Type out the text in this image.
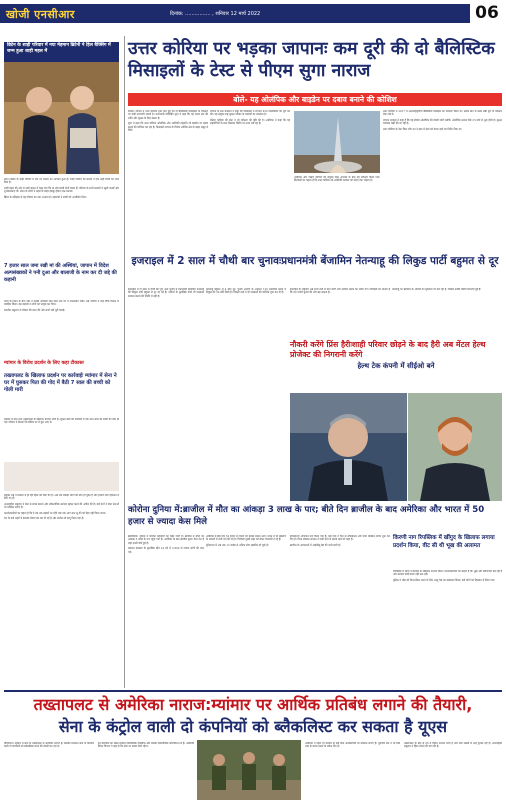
खोजी एनसीआर	दिनांक: ................ , शनिवार 12 मार्च 2022	06
ब्रिटेन के शाही परिवार में नया मेहमान ब्रिटेनी ने हिल बैक्सिंग में जन्म हुआ शाही महल में

लंदन। ब्रिटेन के शाही परिवार में एक नए सदस्य का आगमन हुआ है। शाही परिवार की सदस्य ने एक नन्ही बच्ची को जन्म दिया है।

शाही महल की ओर से जारी बयान में कहा गया कि मां और बच्ची दोनों स्वस्थ हैं। परिवार के सभी सदस्यों ने खुशी जताई और शुभकामनाएं दीं। लंदन के लोगों ने महल के बाहर इकट्ठा होकर जश्न मनाया।

ब्रिटेन के इतिहास में यह परिवार का नया अध्याय है। महारानी ने बच्ची को आशीर्वाद दिया।

उत्तर कोरिया पर भड़का जापानः कम दूरी की दो बैलिस्टिक मिसाइलों के टेस्ट से पीएम सुगा नाराज
बोले- यह ओलंपिक और बाइडेन पर दबाव बनाने की कोशिश

टोक्यो। जापान ने उत्तर कोरिया द्वारा कम दूरी की दो बैलिस्टिक मिसाइलों के परीक्षण पर कड़ी नाराजगी जताई है। प्रधानमंत्री योशिहिदे सुगा ने कहा कि यह कदम क्षेत्र की शांति और सुरक्षा के लिए खतरा है।

सुगा ने कहा कि उत्तर कोरिया ओलंपिक और अमेरिकी राष्ट्रपति जो बाइडेन पर दबाव बनाने की कोशिश कर रहा है। मिसाइलें जापान के विशेष आर्थिक क्षेत्र के बाहर समुद्र में गिरीं।

जापान के रक्षा मंत्रालय ने कहा कि मिसाइलों ने लगभग 450 किलोमीटर की दूरी तय की। यह संयुक्त राष्ट्र सुरक्षा परिषद के प्रस्तावों का उल्लंघन है।

दक्षिण कोरिया की सेना ने भी परीक्षण की पुष्टि की है। अमेरिका ने कहा कि वह सहयोगियों के साथ मिलकर स्थिति पर नजर रख रहा है।

अमेरिका और दक्षिण कोरिया की संयुक्त सैन्य अभ्यास के बाद यह परीक्षण किया गया। विशेषज्ञों का कहना है कि उत्तर कोरिया नई अमेरिकी सरकार को संदेश देना चाहता है।

उत्तर कोरिया ने 2017 में अंतरमहाद्वीपीय बैलिस्टिक मिसाइल का परीक्षण किया था। उसके बाद से उसने लंबी दूरी के परीक्षण रोक रखे थे।

जापान सरकार ने कहा है कि वह टोक्यो ओलंपिक की तैयारी जारी रखेगी। ओलंपिक मशाल रिले 25 मार्च से शुरू होनी है। सुरक्षा व्यवस्था कड़ी की जा रही है।

उत्तर कोरिया के नेता किम जोंग उन ने हाल में सेना को तैयार रहने का निर्देश दिया था।

7 हजार साल जमा रखी मां की अस्थियां, जापान में विदेश अल्पसंख्यकों ने पनी दुआ और बालाजी के नाम कर दी जद्दे की कहानी

पत्नी के निधन के बाद पति ने उनकी अस्थियां सात साल तक घर में संभालकर रखीं। अब परिवार ने उन्हें विधि विधान से प्रवाहित किया। इस कहानी ने लोगों को भावुक कर दिया।

स्थानीय समुदाय ने परिवार की मदद की और सभी रस्में पूरी कराईं।

म्यांमार के विरोध प्रदर्शन के लिए कहा टीकास्त
तख्तापलट के खिलाफ प्रदर्शन पर कार्रवाईः म्यांमार में सेना ने घर में घुसकर पिता की गोद में बैठी 7 साल की बच्ची को गोली मारी

म्यांमार में सेना द्वारा तख्तापलट के खिलाफ प्रदर्शन जारी हैं। सुरक्षा बलों की कार्रवाई में एक सात साल की बच्ची की मौत हो गई। परिवार ने बताया कि सैनिक घर में घुस आए थे।

संयुक्त राष्ट्र ने म्यांमार में हो रही हिंसा की निंदा की है। अब तक सैकड़ों लोगों की मौत हो चुकी है और हजारों लोग हिरासत में लिए गए हैं।

अंतरराष्ट्रीय समुदाय ने सेना से संयम बरतने और लोकतांत्रिक सरकार बहाल करने की अपील की है। कई देशों ने सैन्य नेताओं पर प्रतिबंध लगाए हैं।

प्रदर्शनकारियों का कहना है कि वे तब तक सड़कों पर रहेंगे जब तक आंग सान सू की को रिहा नहीं किया जाता।

देश के कई शहरों में इंटरनेट सेवाएं बंद कर दी गई हैं और मार्शल लॉ लागू किया गया है।

इजराइल में 2 साल में चौथी बार चुनावःप्रधानमंत्री बेंजामिन नेतन्याहू की लिकुड पार्टी बहुमत से दूर

इजराइल में दो साल में चौथी बार हुए आम चुनाव में प्रधानमंत्री बेंजामिन नेतन्याहू की लिकुड पार्टी बहुमत से दूर रह गई है। नतीजों के मुताबिक कोई भी गठबंधन सरकार बनाने की स्थिति में नहीं है।

नेतन्याहू बहुमत से 4 सीट दूर। चुनाव आयोग के अनुसार 120 सदस्यीय संसद में लिकुड को 30 सीटें मिली हैं। विपक्षी दलों ने भी गठबंधन की कोशिशें शुरू कर दी हैं।

इजराइल के राष्ट्रपति अब सभी दलों से बात करेंगे और सरकार बनाने का न्योता देंगे। विशेषज्ञों का मानना है कि देश पांचवें चुनाव की ओर बढ़ सकता है।

नौकरी करेंगे प्रिंस हैरीःशाही परिवार छोड़ने के बाद हैरी अब मेंटल हेल्थ प्रोजेक्ट की निगरानी करेंगे
हेल्थ टेक कंपनी में सीईओ बने

नेतन्याहू पर भ्रष्टाचार के आरोपों का मुकदमा भी चल रहा है, जिससे उनकी स्थिति कमजोर हुई है।

कोरोना दुनिया में:ब्राजील में मौत का आंकड़ा 3 लाख के पार; बीते दिन ब्राजील के बाद अमेरिका और भारत में 50 हजार से ज्यादा केस मिले

ब्रासीलिया। दुनिया में कोरोना महामारी का कहर जारी है। ब्राजील में मौतों का आंकड़ा 3 लाख के पार पहुंच गया है। अमेरिका के बाद ब्राजील दूसरा ऐसा देश है जहां इतनी मौतें हुई हैं।

स्वास्थ्य मंत्रालय के मुताबिक बीते 24 घंटे में 2,800 से ज्यादा लोगों की जान गई।

अमेरिका में बीते दिन 50 हजार से ज्यादा नए मामले सामने आए। भारत में भी संक्रमण के मामलों में तेजी दर्ज की गई है। विशेषज्ञ दूसरी लहर को लेकर चेतावनी दे रहे हैं।

दुनियाभर में अब तक 12 करोड़ से अधिक लोग संक्रमित हो चुके हैं।

टीकाकरण अभियान तेज किया गया है। कई देशों ने फिर से लॉकडाउन और यात्रा प्रतिबंध लगाने शुरू कर दिए हैं। विश्व स्वास्थ्य संगठन ने सभी देशों से सतर्क रहने को कहा है।

ब्राजील के अस्पतालों में आईसीयू बेड की भारी कमी है।

किरणी नाग रिपब्लिक में खींगुद के खिलाफ लगाया प्रदर्शन किया, वीट सी थी भूख की अलामत

रिपब्लिक में लोगों ने सरकार के खिलाफ प्रदर्शन किया। प्रदर्शनकारियों का कहना है कि भूख और बेरोजगारी बढ़ रही है और सरकार कोई कदम नहीं उठा रही।

पुलिस ने भीड़ को तितर-बितर करने के लिए आंसू गैस का इस्तेमाल किया। कई लोगों को हिरासत में लिया गया।

तख्तापलट से अमेरिका नाराज:म्यांमार पर आर्थिक प्रतिबंध लगाने की तैयारी,
सेना के कंट्रोल वाली दो कंपनियों को ब्लैकलिस्ट कर सकता है यूएस

वॉशिंगटन। म्यांमार में सेना के तख्तापलट से अमेरिका नाराज है। बाइडेन प्रशासन सेना के नियंत्रण वाली दो कंपनियों को ब्लैकलिस्ट करने की तैयारी कर रहा है।

इन कंपनियों का संबंध म्यांमार इकोनॉमिक होल्डिंग्स और म्यांमार इकोनॉमिक कॉरपोरेशन से है। अमेरिकी विदेश विभाग ने कहा है कि सेना पर दबाव जारी रहेगा।

अमेरिका ने पहले भी म्यांमार के कई सैन्य अधिकारियों पर प्रतिबंध लगाए हैं। यूरोपीय संघ ने भी इसी तरह के कदम उठाने के संकेत दिए हैं।

तख्तापलट के बाद से देश में विरोध प्रदर्शन जारी हैं और सेना सख्ती से उन्हें कुचल रही है। अंतरराष्ट्रीय समुदाय ने हिंसा रोकने की मांग की है।
